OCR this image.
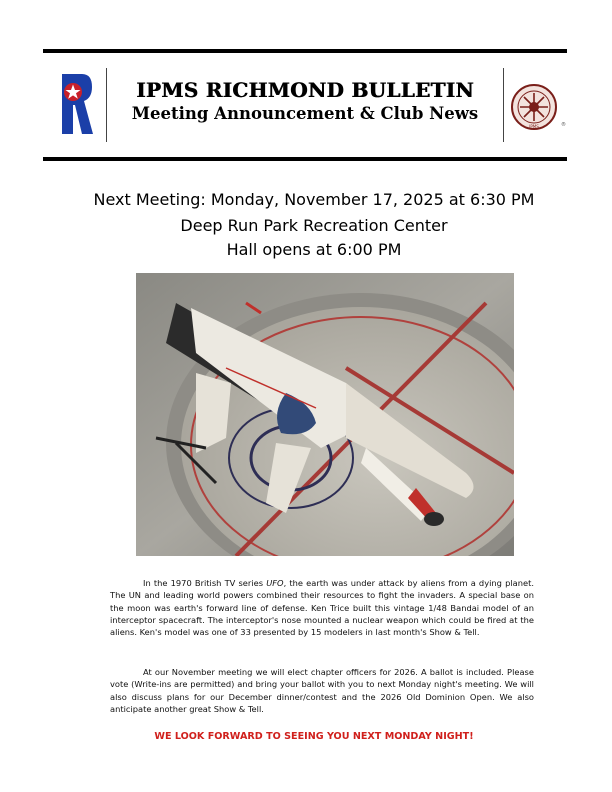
IPMS RICHMOND BULLETIN
Meeting Announcement & Club News
IPMS	®
Next Meeting: Monday, November 17, 2025 at 6:30 PM
Deep Run Park Recreation Center
Hall opens at 6:00 PM
In the 1970 British TV series UFO, the earth was under attack by aliens from a dying planet. The UN and leading world powers combined their resources to fight the invaders. A special base on the moon was earth's forward line of defense. Ken Trice built this vintage 1/48 Bandai model of an interceptor spacecraft. The interceptor's nose mounted a nuclear weapon which could be fired at the aliens. Ken's model was one of 33 presented by 15 modelers in last month's Show & Tell.
At our November meeting we will elect chapter officers for 2026. A ballot is included. Please vote (Write-ins are permitted) and bring your ballot with you to next Monday night's meeting. We will also discuss plans for our December dinner/contest and the 2026 Old Dominion Open. We also anticipate another great Show & Tell.
WE LOOK FORWARD TO SEEING YOU NEXT MONDAY NIGHT!
